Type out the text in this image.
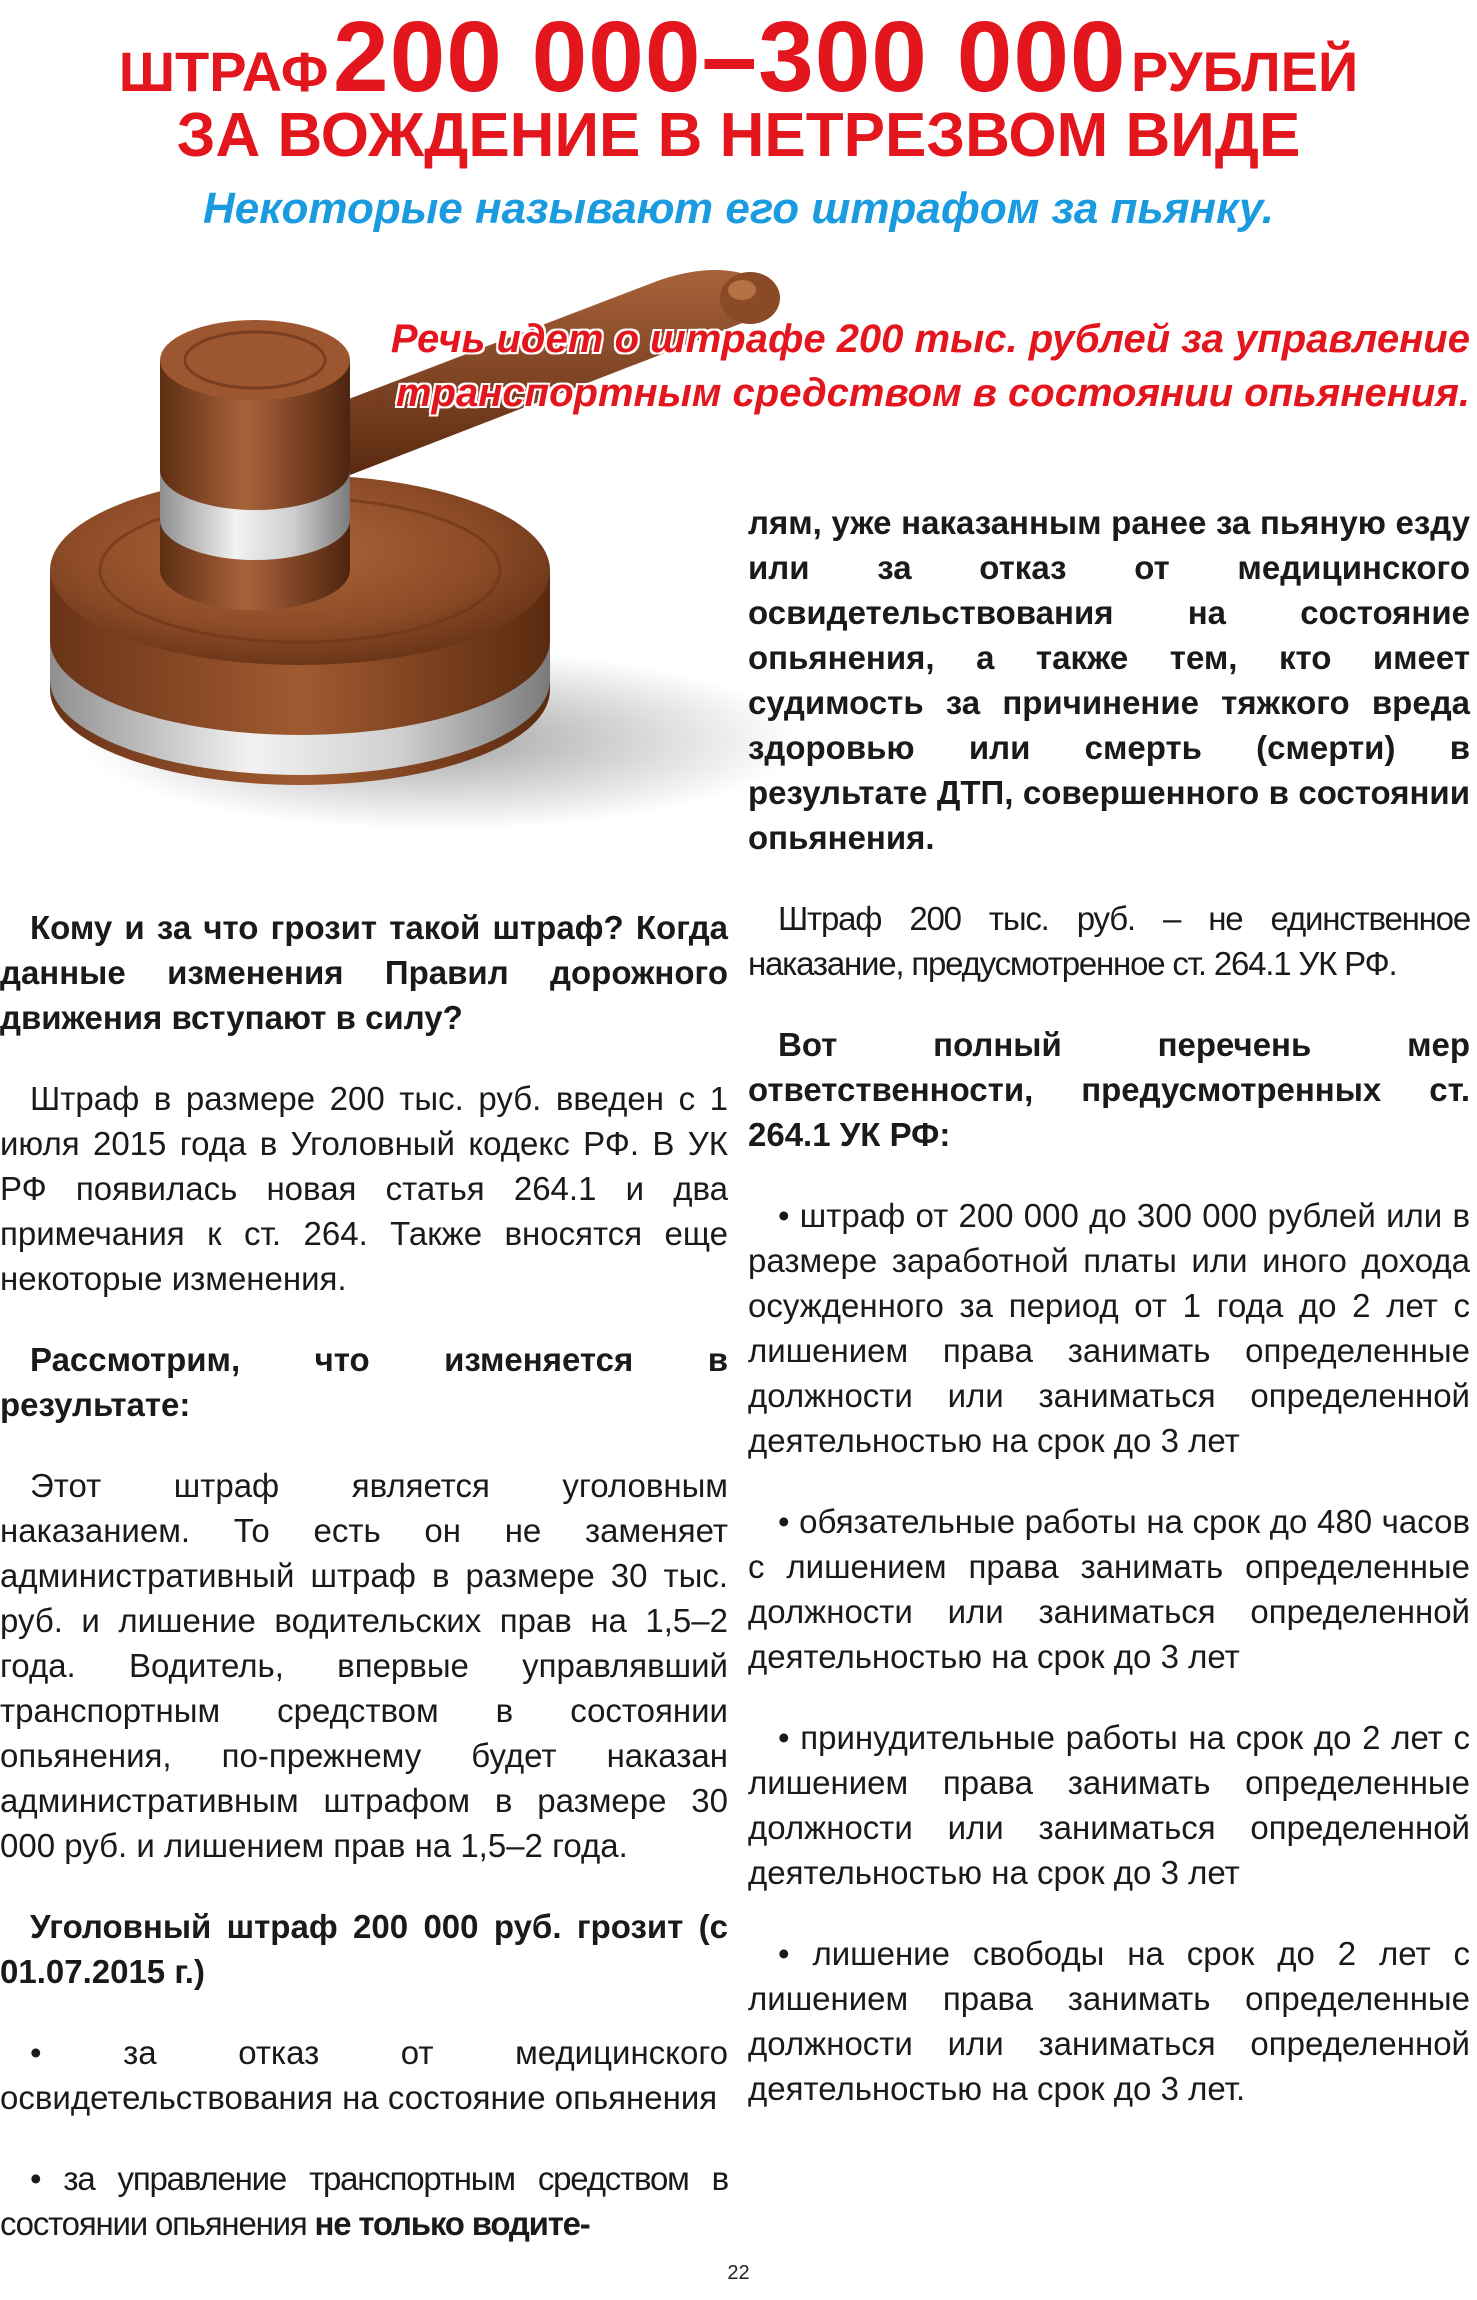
ШТРАФ 200 000–300 000 РУБЛЕЙ
ЗА ВОЖДЕНИЕ В НЕТРЕЗВОМ ВИДЕ
Некоторые называют его штрафом за пьянку.
Речь идет о штрафе 200 тыс. рублей за управление
транспортным средством в состоянии опьянения.

Кому и за что грозит такой штраф? Когда данные изменения Правил дорожного движения вступают в силу?

Штраф в размере 200 тыс. руб. введен с 1 июля 2015 года в Уголовный кодекс РФ. В УК РФ появилась новая статья 264.1 и два примечания к ст. 264. Также вносятся еще некоторые изменения.

Рассмотрим, что изменяется в результате:

Этот штраф является уголовным наказанием. То есть он не заменяет административный штраф в размере 30 тыс. руб. и лишение водительских прав на 1,5–2 года. Водитель, впервые управлявший транспортным средством в состоянии опьянения, по-прежнему будет наказан административным штрафом в размере 30 000 руб. и лишением прав на 1,5–2 года.

Уголовный штраф 200 000 руб. грозит (с 01.07.2015 г.)

• за отказ от медицинского освидетельствования на состояние опьянения

• за управление транспортным средством в состоянии опьянения не только водите-

лям, уже наказанным ранее за пьяную езду или за отказ от медицинского освидетельствования на состояние опьянения, а также тем, кто имеет судимость за причинение тяжкого вреда здоровью или смерть (смерти) в результате ДТП, совершенного в состоянии опьянения.

Штраф 200 тыс. руб. – не единственное наказание, предусмотренное ст. 264.1 УК РФ.

Вот полный перечень мер ответственности, предусмотренных ст. 264.1 УК РФ:

• штраф от 200 000 до 300 000 рублей или в размере заработной платы или иного дохода осужденного за период от 1 года до 2 лет с лишением права занимать определенные должности или заниматься определенной деятельностью на срок до 3 лет

• обязательные работы на срок до 480 часов с лишением права занимать определенные должности или заниматься определенной деятельностью на срок до 3 лет

• принудительные работы на срок до 2 лет с лишением права занимать определенные должности или заниматься определенной деятельностью на срок до 3 лет

• лишение свободы на срок до 2 лет с лишением права занимать определенные должности или заниматься определенной деятельностью на срок до 3 лет.

22
